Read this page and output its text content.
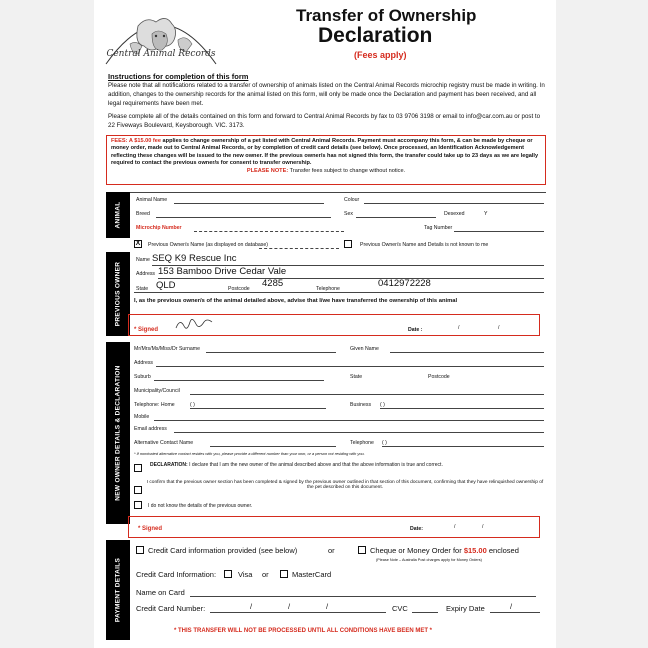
Central Animal Records
Transfer of Ownership
Declaration
(Fees apply)
Instructions for completion of this form
Please note that all notifications related to a transfer of ownership of animals listed on the Central Animal Records microchip registry must be made in writing. In addition, changes to the ownership records for the animal listed on this form, will only be made once the Declaration and payment has been received, and all legal requirements have been met.
Please complete all of the details contained on this form and forward to Central Animal Records by fax to 03 9706 3198 or email to info@car.com.au or post to 22 Fiveways Boulevard, Keysborough. VIC. 3173.
FEES: A $15.00 fee applies to change ownership of a pet listed with Central Animal Records. Payment must accompany this form, & can be made by cheque or money order, made out to Central Animal Records, or by completion of credit card details (see below). Once processed, an Identification Acknowledgement reflecting these changes will be issued to the new owner. If the previous owner/s has not signed this form, the transfer could take up to 23 days as we are legally required to contact the previous owner/s for consent to transfer ownership.
PLEASE NOTE: Transfer fees subject to change without notice.
ANIMAL
Animal Name	Colour
Breed	Sex	Desexed	Y
Microchip Number	Tag Number
PREVIOUS OWNER
X	Previous Owner/s Name (as displayed on database)	Previous Owner/s Name and Details is not known to me
Name SEQ K9 Rescue Inc
Address 153 Bamboo Drive Cedar Vale
State QLD	Postcode 4285	Telephone	0412972228
I, as the previous owner/s of the animal detailed above, advise that I/we have transferred the ownership of this animal
* Signed	Date :	/	/
NEW OWNER DETAILS & DECLARATION
Mr/Mrs/Ms/Miss/Dr Surname	Given Name
Address
Suburb	State	Postcode
Municipality/Council
Telephone: Home	( )	Business ( )
Mobile
Email address
Alternative Contact Name	Telephone ( )
* If nominated alternative contact resides with you, please provide a different number than your own, or a person not residing with you.
DECLARATION: I declare that I am the new owner of the animal described above and that the above information is true and correct.
I confirm that the previous owner section has been completed & signed by the previous owner outlined in that section of this document, confirming that they have relinquished ownership of the pet described on this document.
I do not know the details of the previous owner.
* Signed	Date:	/	/
PAYMENT DETAILS
Credit Card information provided (see below)	or	Cheque or Money Order for $15.00 enclosed
(Please Note – Australia Post charges apply for Money Orders)
Credit Card Information:	Visa or	MasterCard
Name on Card
Credit Card Number:	/	/	/	CVC	Expiry Date	/
* THIS TRANSFER WILL NOT BE PROCESSED UNTIL ALL CONDITIONS HAVE BEEN MET *
